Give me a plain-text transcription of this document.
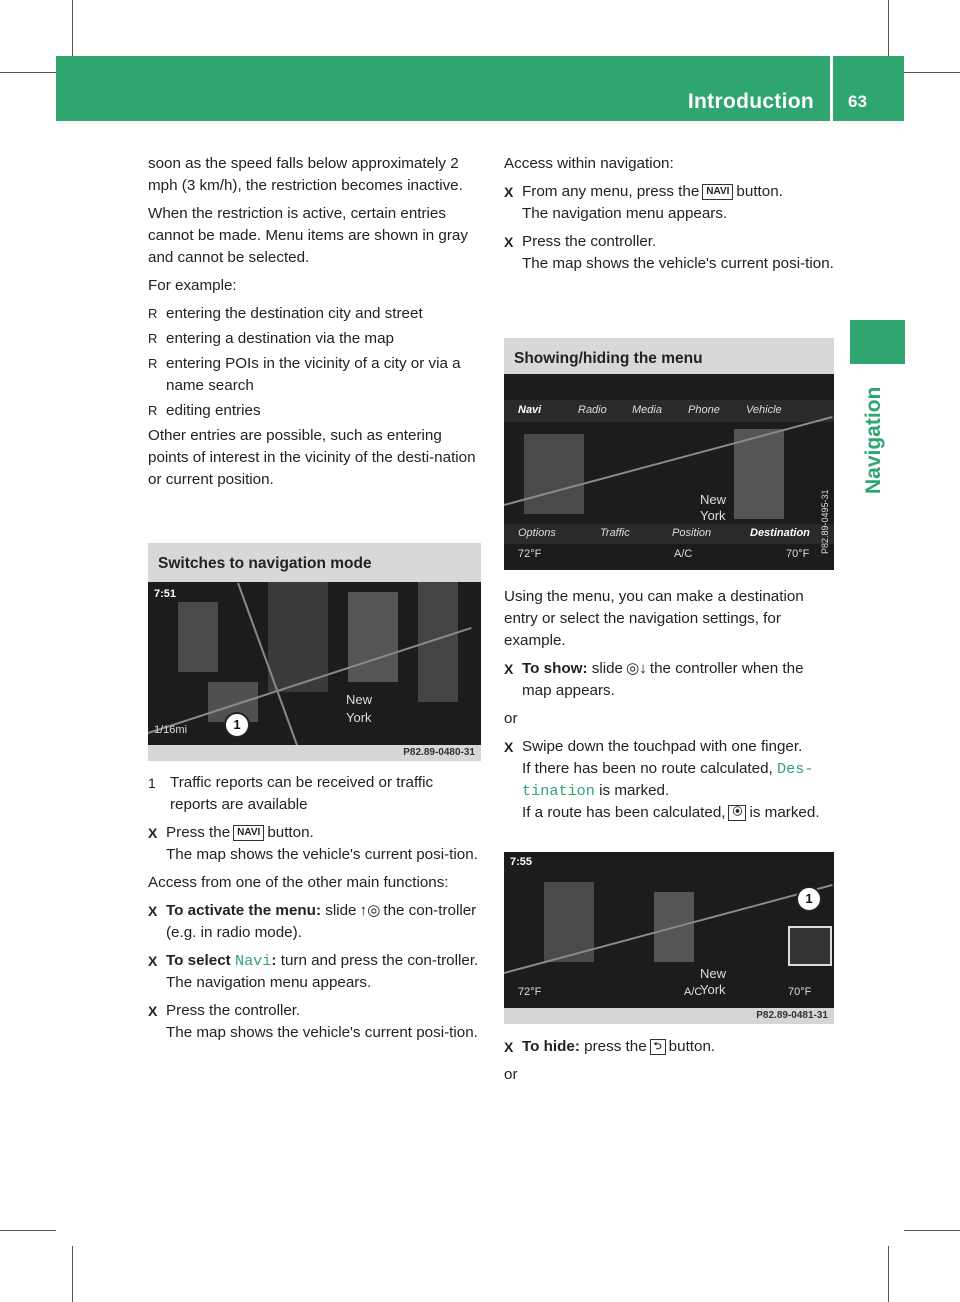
Introduction 63
Navigation

soon as the speed falls below approximately 2 mph (3 km/h), the restriction becomes inactive.

When the restriction is active, certain entries cannot be made. Menu items are shown in gray and cannot be selected.

For example:

R entering the destination city and street
R entering a destination via the map
R entering POIs in the vicinity of a city or via a name search
R editing entries

Other entries are possible, such as entering points of interest in the vicinity of the desti-nation or current position.

Switches to navigation mode
7:51
New
York
1/16mi	1
P82.89-0480-31
1 Traffic reports can be received or traffic reports are available
X Press the NAVI button.
The map shows the vehicle's current posi-tion.

Access from one of the other main functions:

X To activate the menu: slide ↑◎ the con-troller (e.g. in radio mode).
X To select Navi: turn and press the con-troller.
The navigation menu appears.
X Press the controller.
The map shows the vehicle's current posi-tion.

Access within navigation:

X From any menu, press the NAVI button.
The navigation menu appears.
X Press the controller.
The map shows the vehicle's current posi-tion.
Showing/hiding the menu
Navi	Radio Media Phone Vehicle
New
York
Options	Traffic	Position	Destination
72°F	A/C	70°F P82.89-0495-31

Using the menu, you can make a destination entry or select the navigation settings, for example.

X To show: slide ◎↓ the controller when the map appears.

or

X Swipe down the touchpad with one finger.
If there has been no route calculated, Des-tination is marked.
If a route has been calculated, ⦿ is marked.
7:55
New
York
1
72°F	A/C	70°F
P82.89-0481-31
X To hide: press the ⮌ button.

or
